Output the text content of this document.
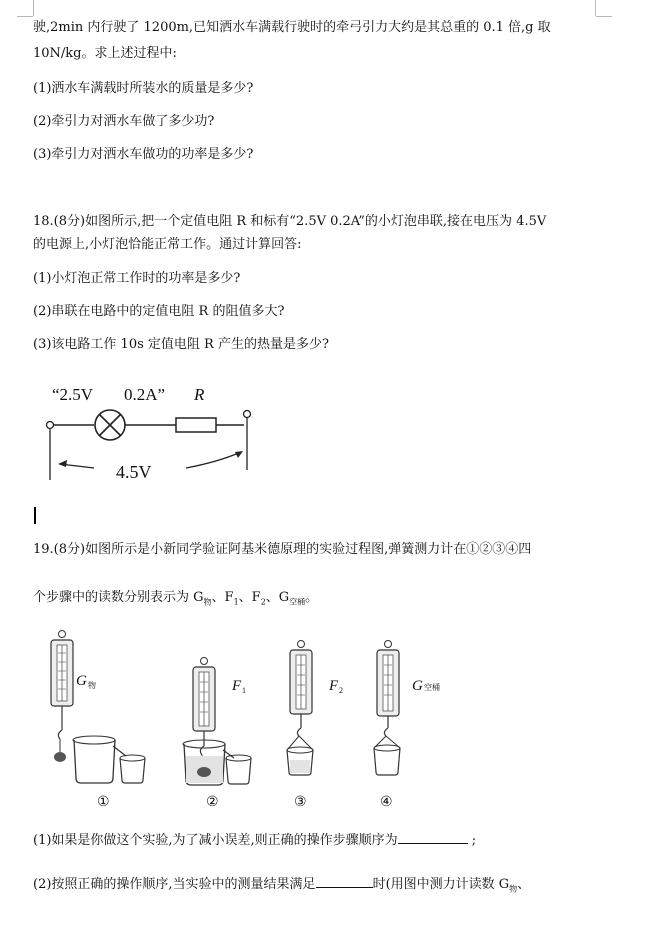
驶,2min 内行驶了 1200m,已知洒水车满载行驶时的牵弓引力大约是其总重的 0.1 倍,g 取
10N/kg。求上述过程中:
(1)洒水车满载时所装水的质量是多少?
(2)牵引力对洒水车做了多少功?
(3)牵引力对洒水车做功的功率是多少?
18.(8分)如图所示,把一个定值电阻 R 和标有“2.5V 0.2A”的小灯泡串联,接在电压为 4.5V
的电源上,小灯泡恰能正常工作。通过计算回答:
(1)小灯泡正常工作时的功率是多少?
(2)串联在电路中的定值电阻 R 的阻值多大?
(3)该电路工作 10s 定值电阻 R 产生的热量是多少?
“2.5V 0.2A” R
4.5V
19.(8分)如图所示是小新同学验证阿基米德原理的实验过程图,弹簧测力计在①②③④四
个步骤中的读数分别表示为 $G_物$、$F_1$、$F_2$、$G_{空桶}$。
G 物
①
F 1
②
F 2
③
G 空桶
④
(1)如果是你做这个实验,为了减小误差,则正确的操作步骤顺序为	;
(2)按照正确的操作顺序,当实验中的测量结果满足	时(用图中测力计读数 $G_物$、
